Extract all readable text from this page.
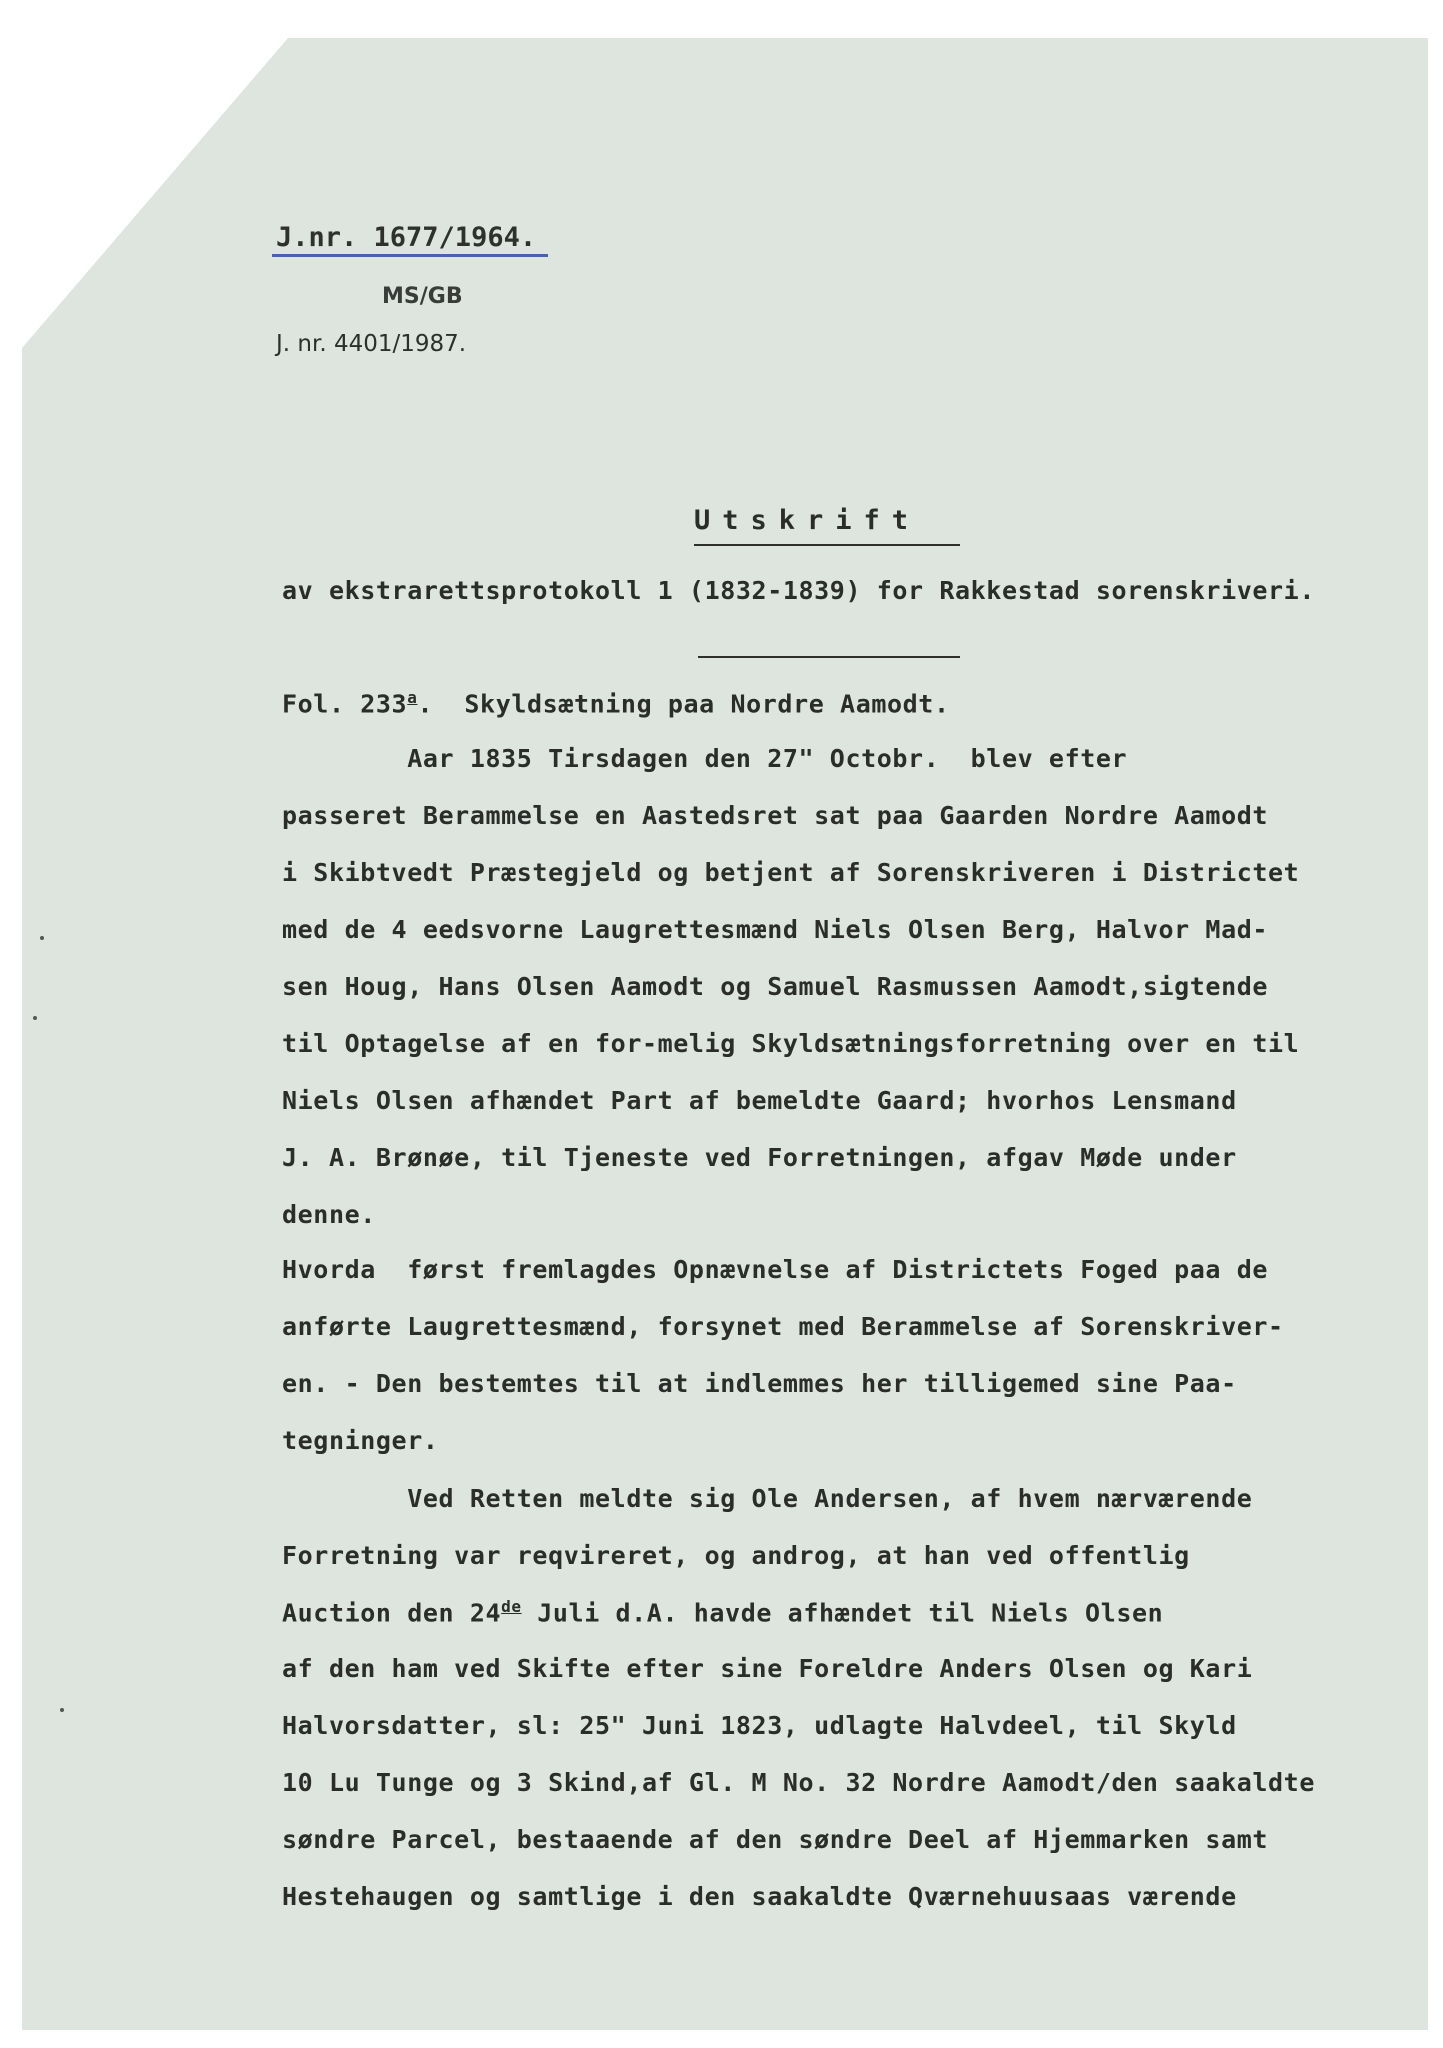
J.nr. 1677/1964.
MS/GB
J. nr. 4401/1987.
Utskrift
av ekstrarettsprotokoll 1 (1832-1839) for Rakkestad sorenskriveri.
Fol. 233$^a$.  Skyldsætning paa Nordre Aamodt.
Aar 1835 Tirsdagen den 27" Octobr.  blev efter
passeret Berammelse en Aastedsret sat paa Gaarden Nordre Aamodt
i Skibtvedt Præstegjeld og betjent af Sorenskriveren i Districtet
med de 4 eedsvorne Laugrettesmænd Niels Olsen Berg, Halvor Mad-
sen Houg, Hans Olsen Aamodt og Samuel Rasmussen Aamodt,sigtende
til Optagelse af en for-melig Skyldsætningsforretning over en til
Niels Olsen afhændet Part af bemeldte Gaard; hvorhos Lensmand
J. A. Brønøe, til Tjeneste ved Forretningen, afgav Møde under
denne.
Hvorda  først fremlagdes Opnævnelse af Districtets Foged paa de
anførte Laugrettesmænd, forsynet med Berammelse af Sorenskriver-
en. - Den bestemtes til at indlemmes her tilligemed sine Paa-
tegninger.
Ved Retten meldte sig Ole Andersen, af hvem nærværende
Forretning var reqvireret, og androg, at han ved offentlig
Auction den 24de Juli d.A. havde afhændet til Niels Olsen
af den ham ved Skifte efter sine Foreldre Anders Olsen og Kari
Halvorsdatter, sl: 25" Juni 1823, udlagte Halvdeel, til Skyld
10 Lu Tunge og 3 Skind,af Gl. M No. 32 Nordre Aamodt/den saakaldte
søndre Parcel, bestaaende af den søndre Deel af Hjemmarken samt
Hestehaugen og samtlige i den saakaldte Qværnehuusaas værende
